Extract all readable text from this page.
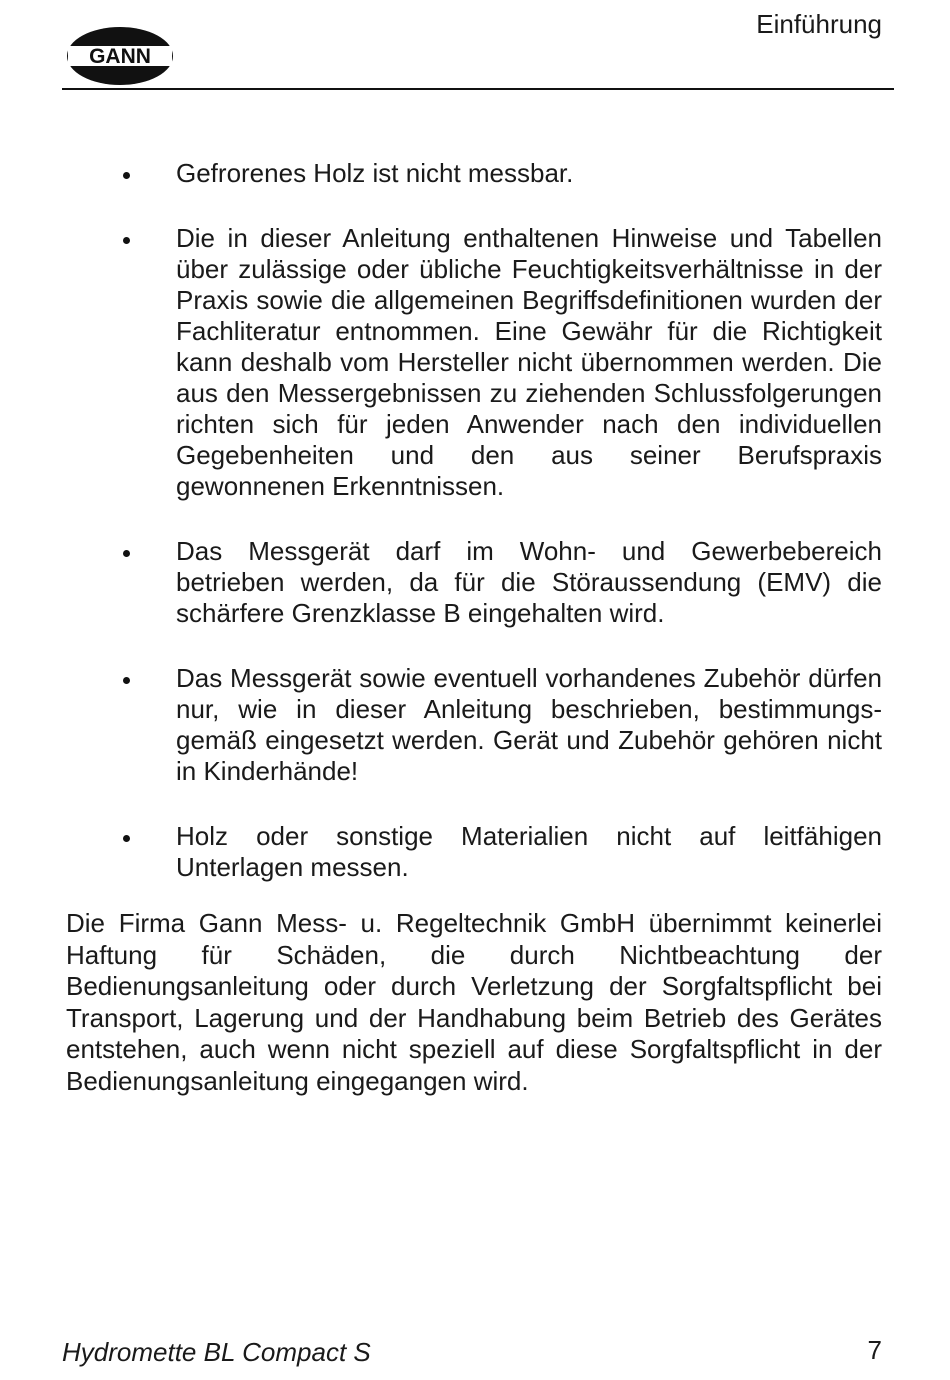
GANN
Einführung
Gefrorenes Holz ist nicht messbar.
Die in dieser Anleitung enthaltenen Hinweise und Tabellen über zulässige oder übliche Feuchtigkeitsverhältnisse in der Praxis sowie die allgemeinen Begriffsdefinitionen wurden der Fachliteratur entnommen. Eine Gewähr für die Richtigkeit kann deshalb vom Hersteller nicht übernommen werden. Die aus den Messergebnissen zu ziehenden Schlussfolgerungen richten sich für jeden Anwender nach den individuellen Gegebenheiten und den aus seiner Berufspraxis gewonnenen Erkenntnissen.
Das Messgerät darf im Wohn- und Gewerbebereich betrieben werden, da für die Störaussendung (EMV) die schärfere Grenzklasse B eingehalten wird.
Das Messgerät sowie eventuell vorhandenes Zubehör dürfen nur, wie in dieser Anleitung beschrieben, bestimmungs-gemäß eingesetzt werden. Gerät und Zubehör gehören nicht in Kinderhände!
Holz oder sonstige Materialien nicht auf leitfähigen Unterlagen messen.

Die Firma Gann Mess- u. Regeltechnik GmbH übernimmt keinerlei Haftung für Schäden, die durch Nichtbeachtung der Bedienungsanleitung oder durch Verletzung der Sorgfaltspflicht bei Transport, Lagerung und der Handhabung beim Betrieb des Gerätes entstehen, auch wenn nicht speziell auf diese Sorgfaltspflicht in der Bedienungsanleitung eingegangen wird.

Hydromette BL Compact S	7
